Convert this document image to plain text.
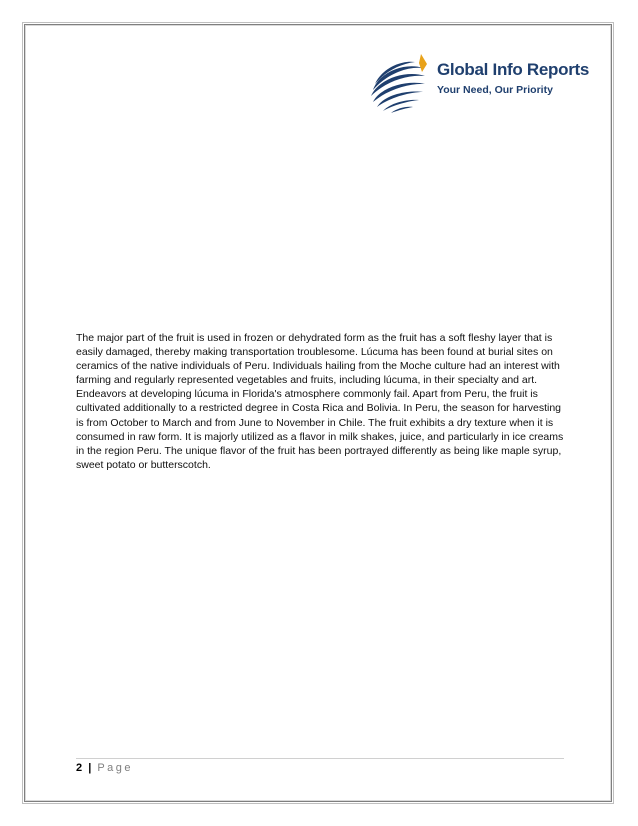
Global Info Reports
Your Need, Our Priority

The major part of the fruit is used in frozen or dehydrated form as the fruit has a soft fleshy layer that is easily damaged, thereby making transportation troublesome. Lúcuma has been found at burial sites on ceramics of the native individuals of Peru. Individuals hailing from the Moche culture had an interest with farming and regularly represented vegetables and fruits, including lúcuma, in their specialty and art. Endeavors at developing lúcuma in Florida's atmosphere commonly fail. Apart from Peru, the fruit is cultivated additionally to a restricted degree in Costa Rica and Bolivia. In Peru, the season for harvesting is from October to March and from June to November in Chile. The fruit exhibits a dry texture when it is consumed in raw form. It is majorly utilized as a flavor in milk shakes, juice, and particularly in ice creams in the region Peru. The unique flavor of the fruit has been portrayed differently as being like maple syrup, sweet potato or butterscotch.

2 | Page
